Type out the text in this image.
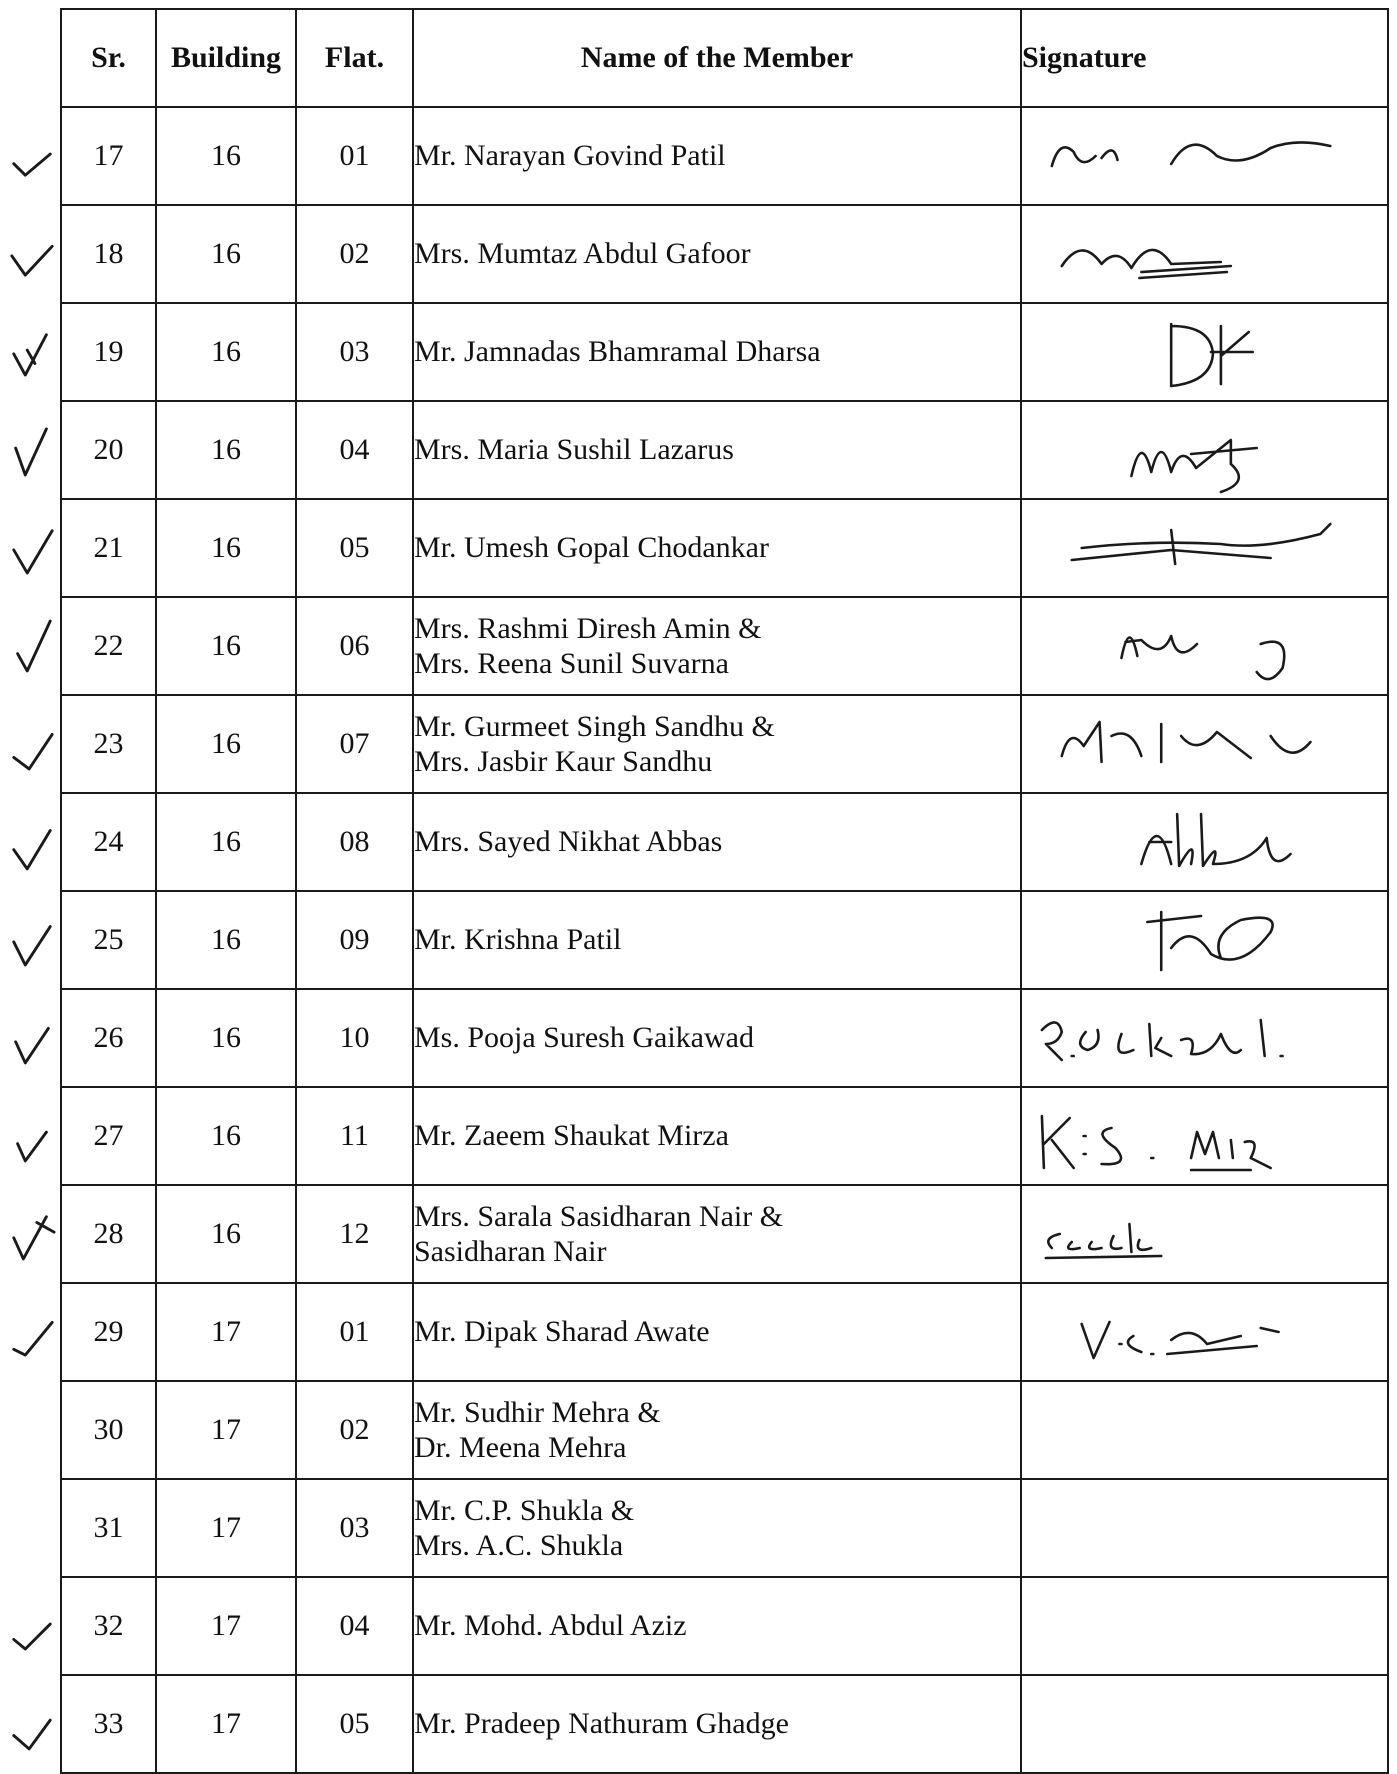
Sr.	Building	Flat.	Name of the Member	Signature
17	16	01	Mr. Narayan Govind Patil

18	16	02	Mrs. Mumtaz Abdul Gafoor

19	16	03	Mr. Jamnadas Bhamramal Dharsa

20	16	04	Mrs. Maria Sushil Lazarus

21	16	05	Mr. Umesh Gopal Chodankar

22	16	06	Mrs. Rashmi Diresh Amin &
Mrs. Reena Sunil Suvarna

23	16	07	Mr. Gurmeet Singh Sandhu &
Mrs. Jasbir Kaur Sandhu

24	16	08	Mrs. Sayed Nikhat Abbas

25	16	09	Mr. Krishna Patil

26	16	10	Ms. Pooja Suresh Gaikawad

27	16	11	Mr. Zaeem Shaukat Mirza

28	16	12	Mrs. Sarala Sasidharan Nair &
Sasidharan Nair

29	17	01	Mr. Dipak Sharad Awate

30	17	02	Mr. Sudhir Mehra &
Dr. Meena Mehra	

31	17	03	Mr. C.P. Shukla &
Mrs. A.C. Shukla	

32	17	04	Mr. Mohd. Abdul Aziz	

33	17	05	Mr. Pradeep Nathuram Ghadge	
